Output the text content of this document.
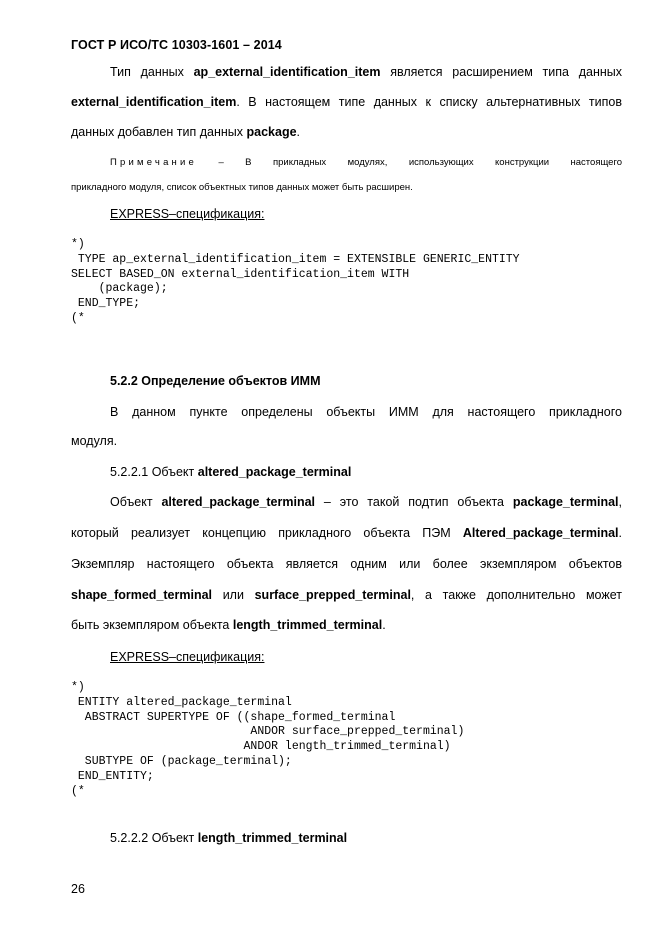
ГОСТ Р ИСО/ТС 10303-1601 – 2014
Тип данных ap_external_identification_item является расширением типа данных
external_identification_item. В настоящем типе данных к списку альтернативных типов
данных добавлен тип данных package.
Примечание – В прикладных модулях, использующих конструкции настоящего
прикладного модуля, список объектных типов данных может быть расширен.
EXPRESS–спецификация:
*)
TYPE ap_external_identification_item = EXTENSIBLE GENERIC_ENTITY
SELECT BASED_ON external_identification_item WITH
(package);
END_TYPE;
(*
5.2.2 Определение объектов ИММ
В данном пункте определены объекты ИММ для настоящего прикладного
модуля.
5.2.2.1 Объект altered_package_terminal
Объект altered_package_terminal – это такой подтип объекта package_terminal,
который реализует концепцию прикладного объекта ПЭМ Altered_package_terminal.
Экземпляр настоящего объекта является одним или более экземпляром объектов
shape_formed_terminal или surface_prepped_terminal, а также дополнительно может
быть экземпляром объекта length_trimmed_terminal.
EXPRESS–спецификация:
*)
ENTITY altered_package_terminal
ABSTRACT SUPERTYPE OF ((shape_formed_terminal
ANDOR surface_prepped_terminal)
ANDOR length_trimmed_terminal)
SUBTYPE OF (package_terminal);
END_ENTITY;
(*
5.2.2.2 Объект length_trimmed_terminal
26
